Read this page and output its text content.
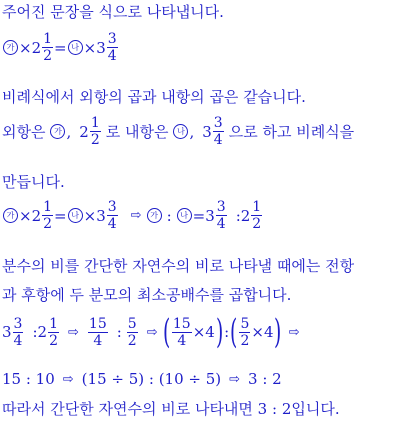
주어진 문장을 식으로 나타냅니다.
가 × $2 \frac{1}{2}$ = 나 × $3 \frac{3}{4}$
비례식에서 외항의 곱과 내항의 곱은 같습니다.
외항은	가 , $2 \frac{1}{2}$ 로 내항은	나 , $3 \frac{3}{4}$ 으로 하고 비례식을
만듭니다.
가 × $2 \frac{1}{2}$ = 나 × $3 \frac{3}{4}$ ⇨	가 :	나 = $3 \frac{3}{4}$ : $2 \frac{1}{2}$
분수의 비를 간단한 자연수의 비로 나타낼 때에는 전항
과 후항에 두 분모의 최소공배수를 곱합니다.
$3 \frac{3}{4}$ : $2 \frac{1}{2}$ ⇨ $\frac{15}{4}$ : $\frac{5}{2}$ ⇨ ( $\frac{15}{4} \times 4$ ) : ( $\frac{5}{2} \times 4$ ) ⇨
15 : 10 ⇨ (15 ÷ 5) : (10 ÷ 5) ⇨ 3 : 2
따라서 간단한 자연수의 비로 나타내면 3 : 2입니다.
